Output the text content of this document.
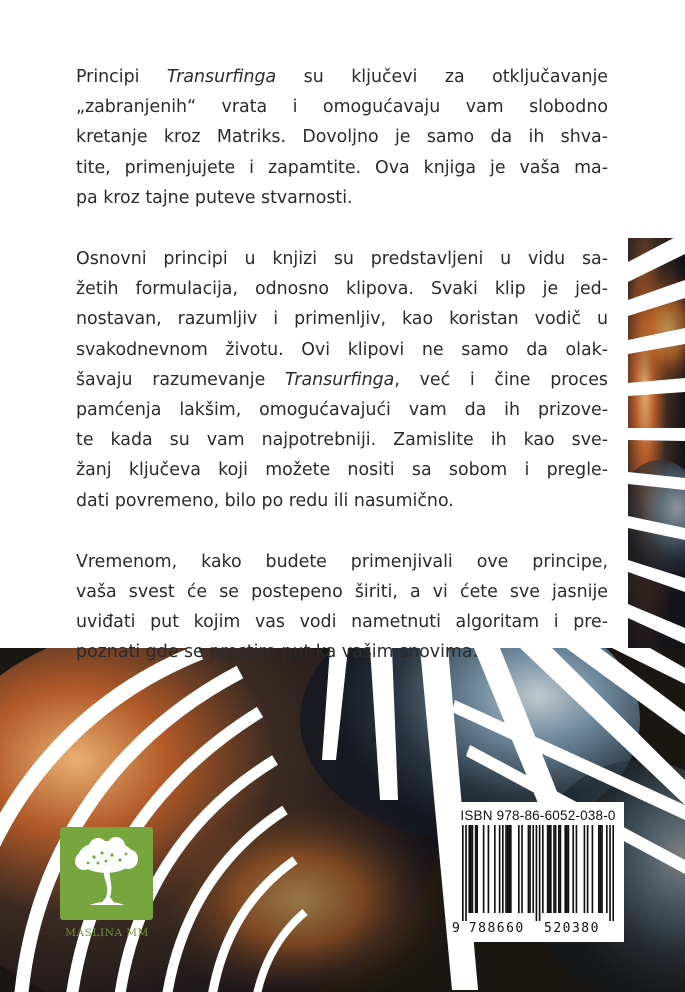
Principi Transurfinga su ključevi za otključavanje
„zabranjenih“ vrata i omogućavaju vam slobodno
kretanje kroz Matriks. Dovoljno je samo da ih shva-
tite, primenjujete i zapamtite. Ova knjiga je vaša ma-
pa kroz tajne puteve stvarnosti.

Osnovni principi u knjizi su predstavljeni u vidu sa-
žetih formulacija, odnosno klipova. Svaki klip je jed-
nostavan, razumljiv i primenljiv, kao koristan vodič u
svakodnevnom životu. Ovi klipovi ne samo da olak-
šavaju razumevanje Transurfinga, već i čine proces
pamćenja lakšim, omogućavajući vam da ih prizove-
te kada su vam najpotrebniji. Zamislite ih kao sve-
žanj ključeva koji možete nositi sa sobom i pregle-
dati povremeno, bilo po redu ili nasumično.

Vremenom, kako budete primenjivali ove principe,
vaša svest će se postepeno širiti, a vi ćete sve jasnije
uviđati put kojim vas vodi nametnuti algoritam i pre-
poznati gde se prostire put ka vašim snovima.

MASLINA MM
ISBN 978-86-6052-038-0
9 788660 520380
